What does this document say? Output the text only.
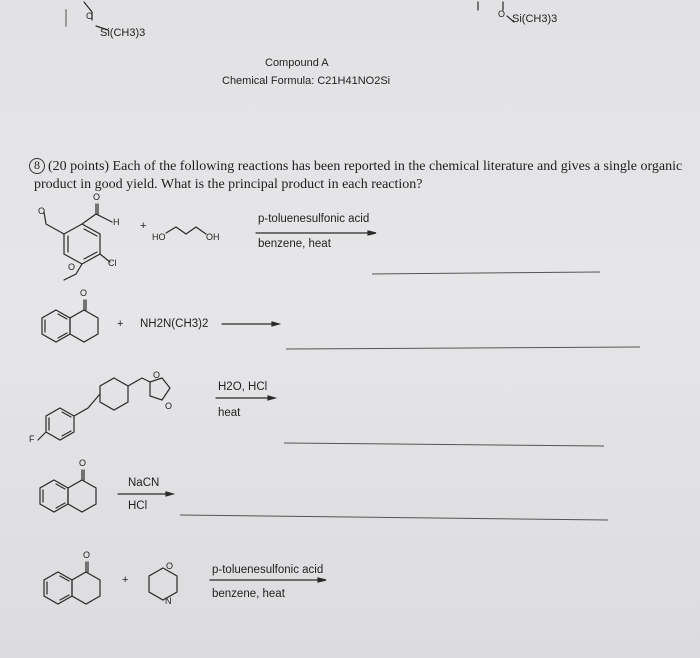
O
Si(CH3)3
O Si(CH3)3
Compound A
Chemical Formula: C21H41NO2Si
8 (20 points) Each of the following reactions has been reported in the chemical literature and gives a single organic
product in good yield. What is the principal product in each reaction?
O
H
Cl
O
O
+
HO	OH
p-toluenesulfonic acid
benzene, heat
O
+ NH2N(CH3)2
O
O
F
H2O, HCl
heat
O
NaCN
HCl
O
+
O
N
p-toluenesulfonic acid
benzene, heat
